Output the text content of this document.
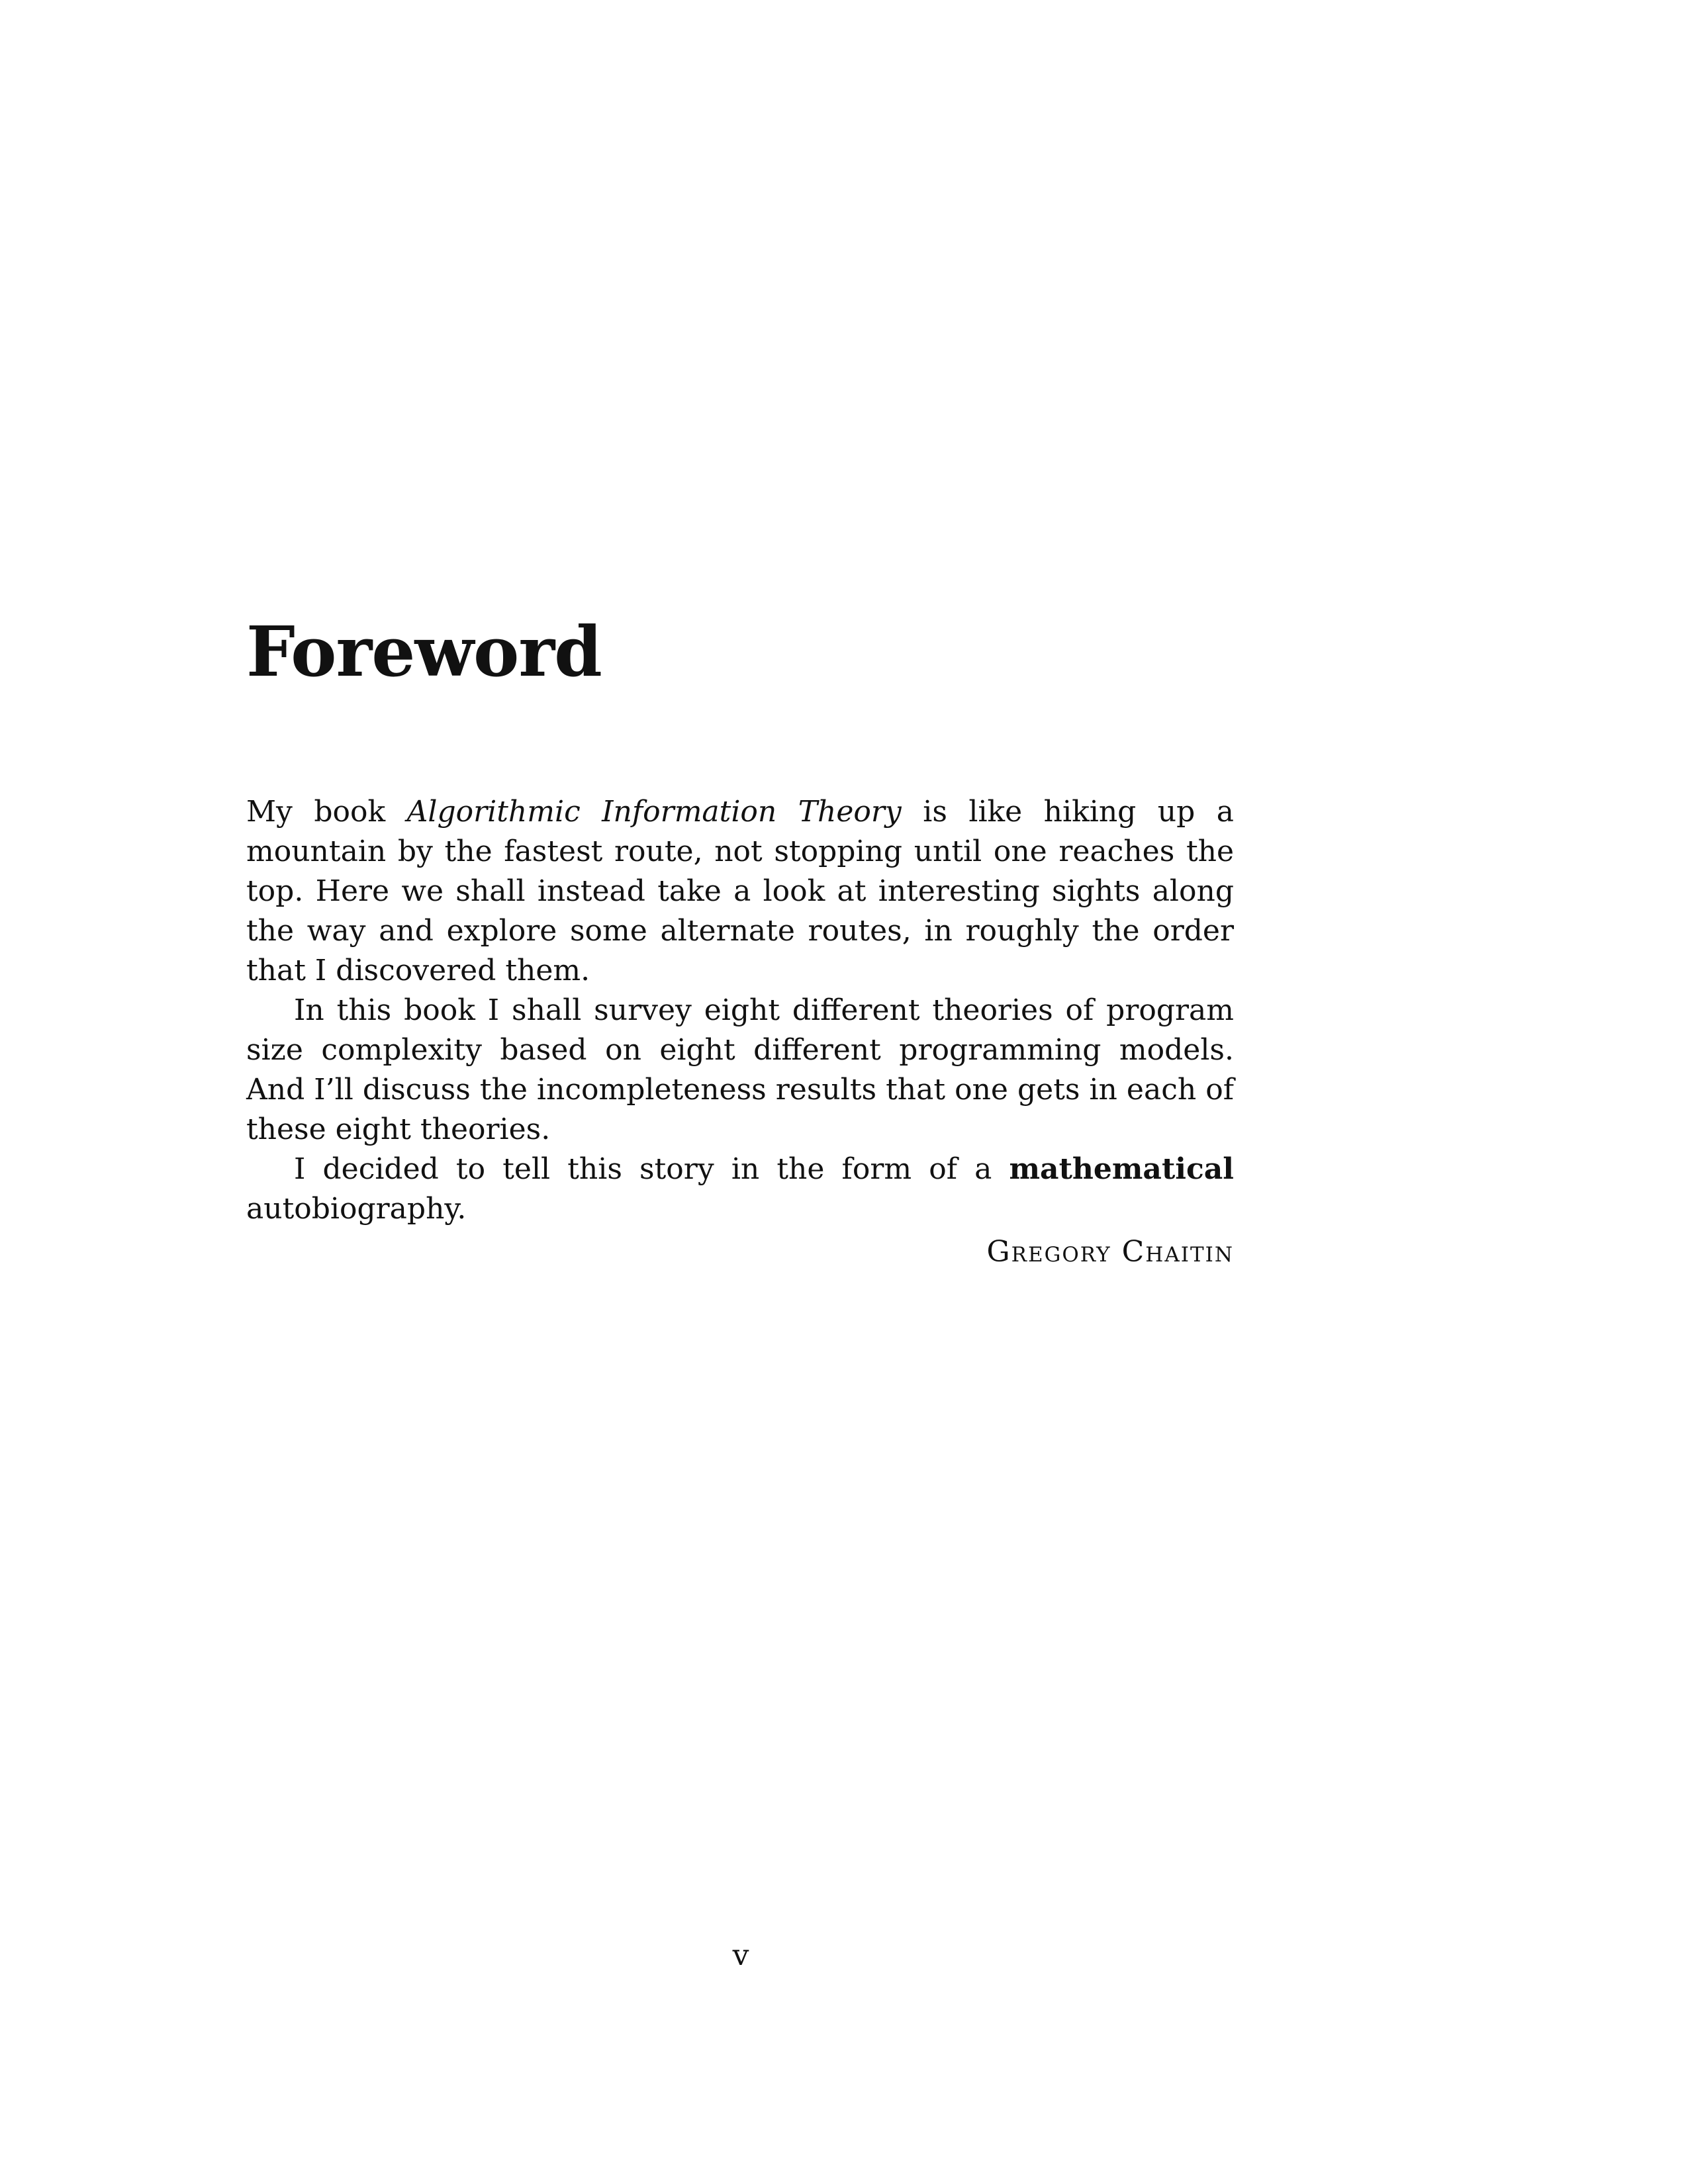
Foreword

My book Algorithmic Information Theory is like hiking up a mountain by the fastest route, not stopping until one reaches the top. Here we shall instead take a look at interesting sights along the way and explore some alternate routes, in roughly the order that I discovered them.

In this book I shall survey eight different theories of program size complexity based on eight different programming models. And I’ll discuss the incompleteness results that one gets in each of these eight theories.

I decided to tell this story in the form of a mathematical autobiography.

Gregory Chaitin

v
